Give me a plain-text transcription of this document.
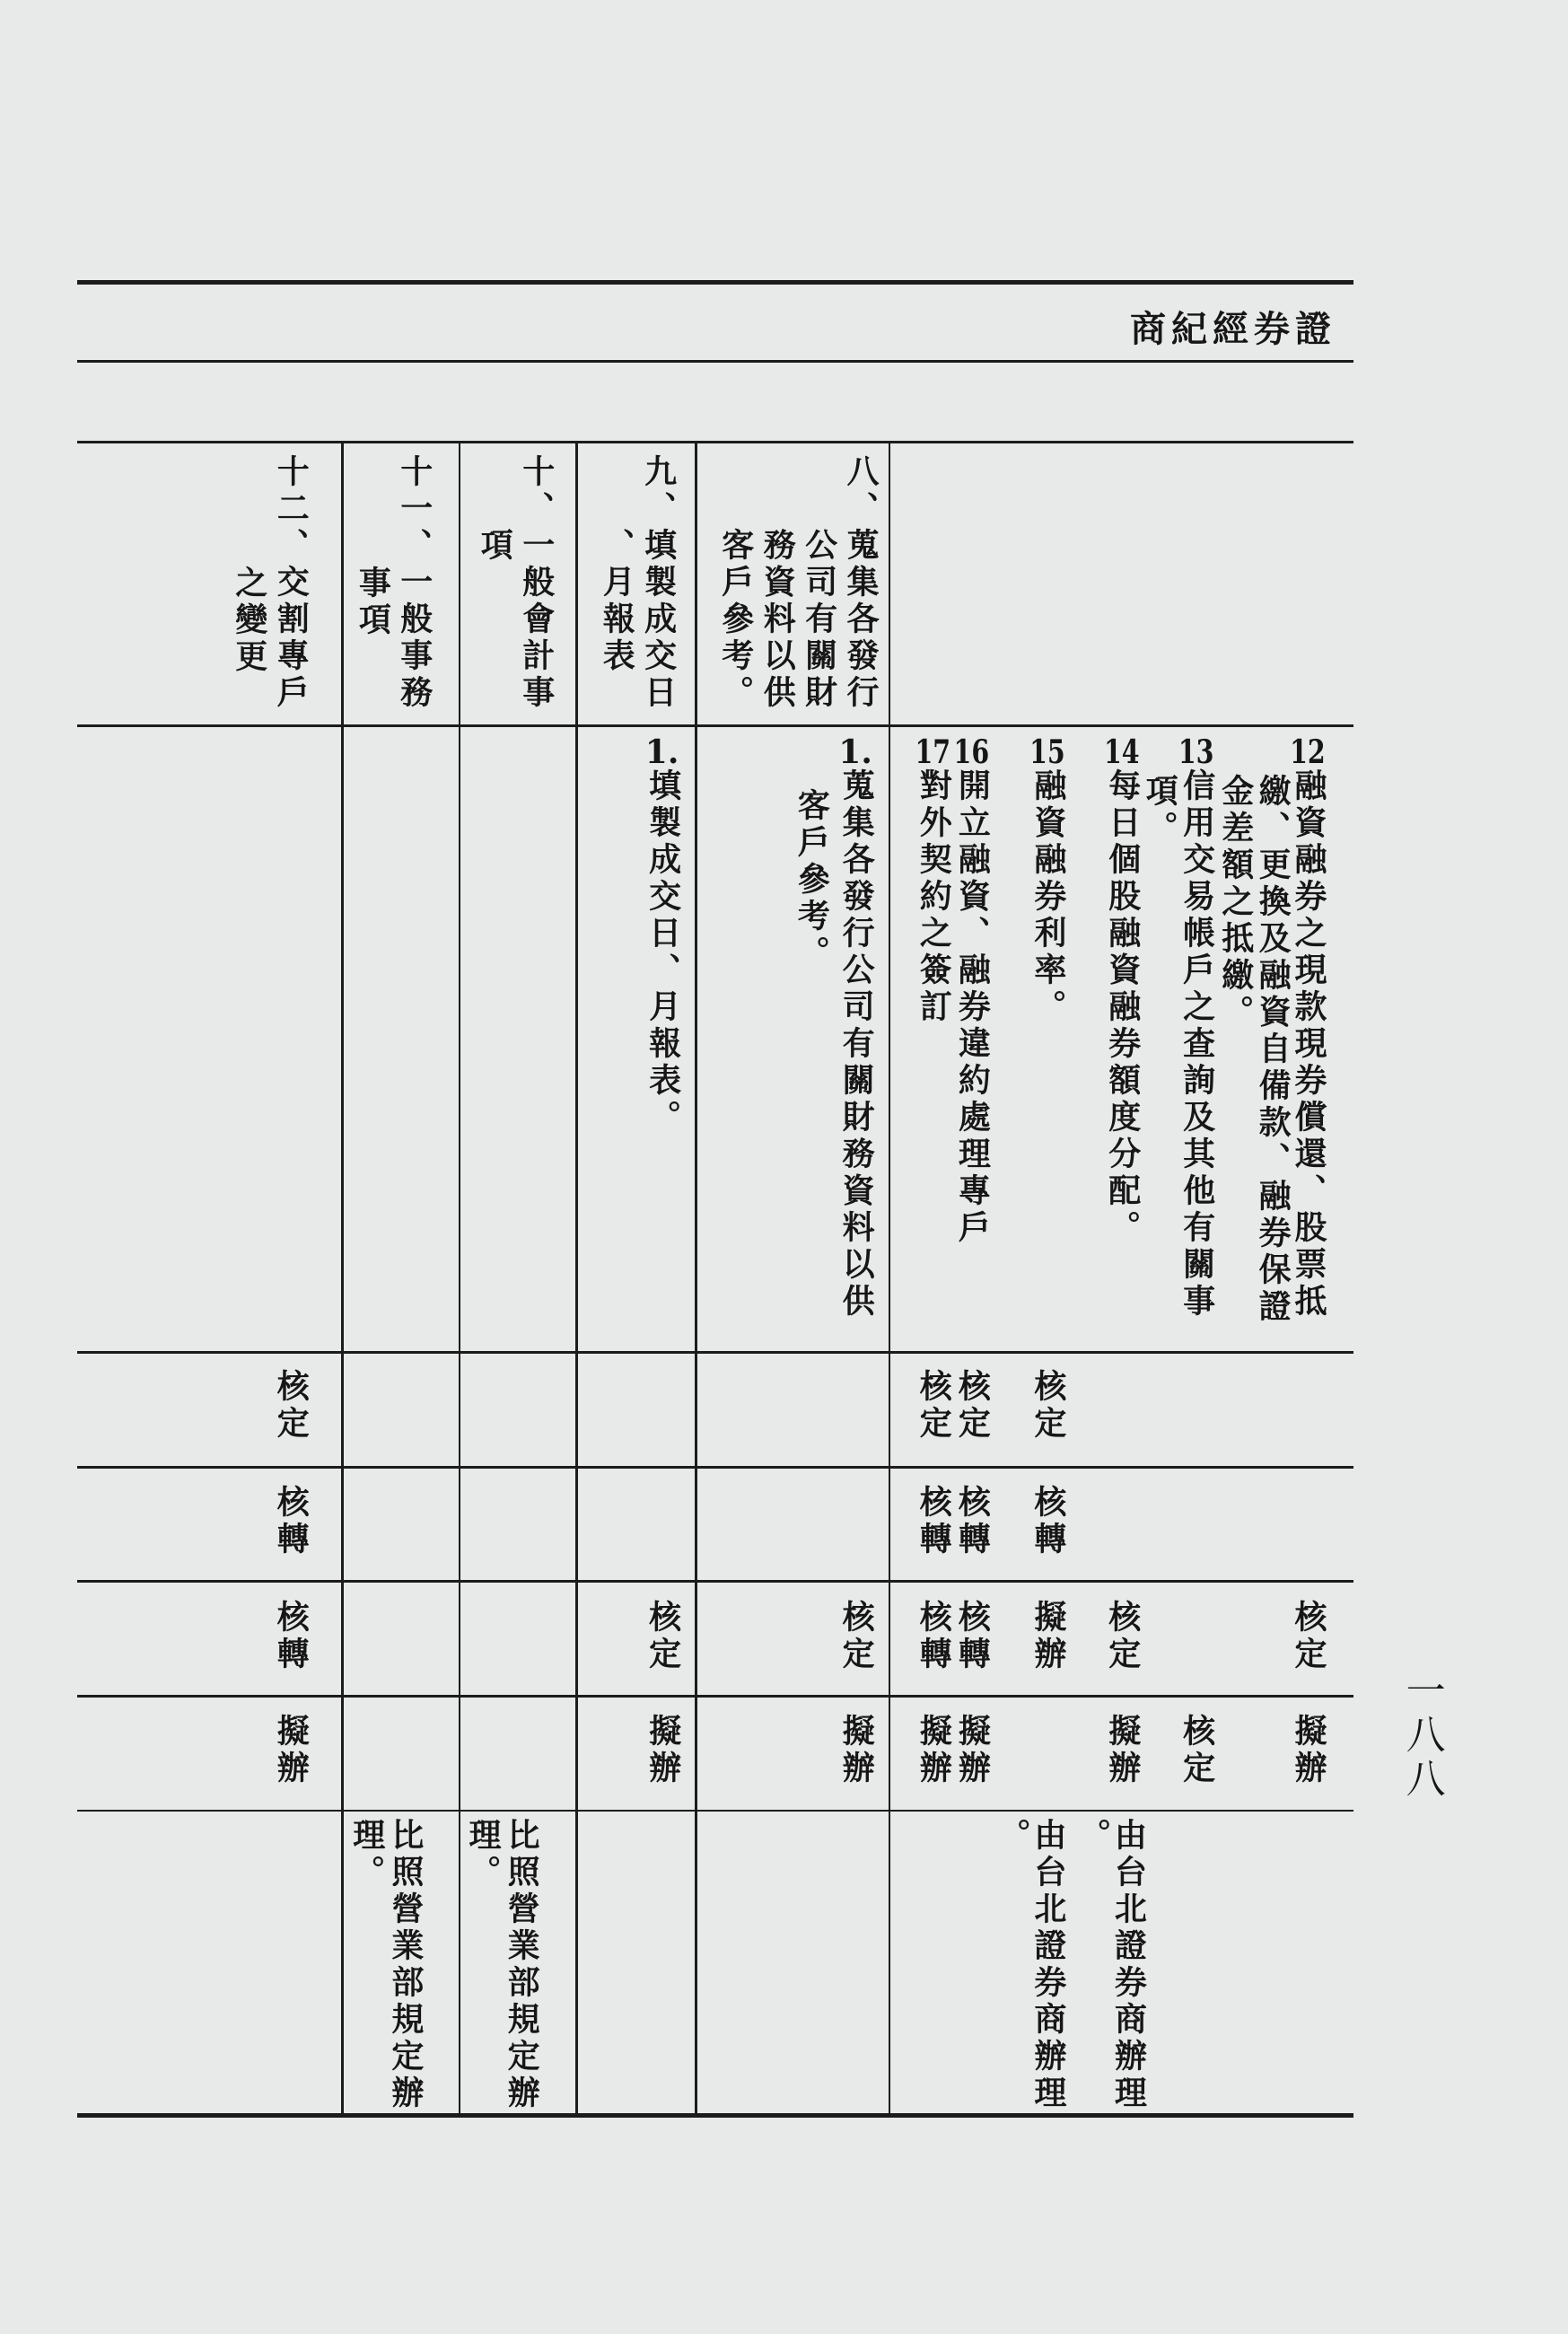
證券經紀商
一八八
12融資融券之現款現券償還、股票抵
繳、更換及融資自備款、融券保證
金差額之抵繳。
核定
擬辦
13信用交易帳戶之查詢及其他有關事
項。
核定
14每日個股融資融券額度分配。
核定
擬辦
由台北證券商辦理
。
15融資融券利率。
核定
核轉
擬辦
由台北證券商辦理
。
16開立融資、融券違約處理專戶
核定
核轉
核轉
擬辦
17對外契約之簽訂
核定
核轉
核轉
擬辦
八、蒐集各發行
公司有關財
務資料以供
客戶參考。
1.蒐集各發行公司有關財務資料以供
客戶參考。
核定
擬辦
九、填製成交日
、月報表
1.填製成交日、月報表。
核定
擬辦
十、一般會計事
項
比照營業部規定辦
理。
十一、一般事務
事項
比照營業部規定辦
理。
十二、交割專戶
之變更
核定
核轉
核轉
擬辦
